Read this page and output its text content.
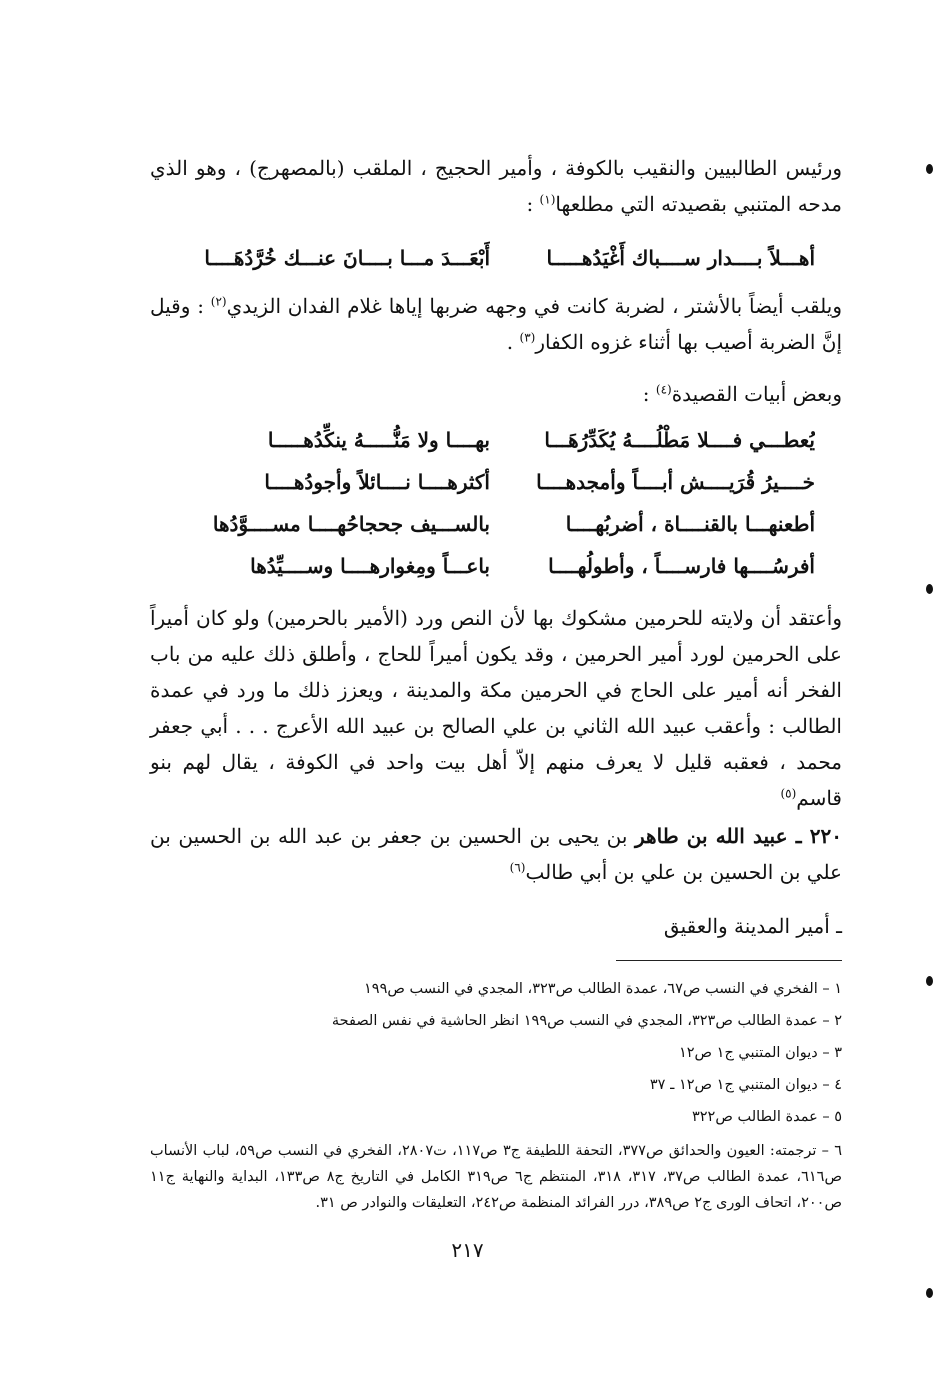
ورئيس الطالبيين والنقيب بالكوفة ، وأمير الحجيج ، الملقب (بالمصهرج) ، وهو الذي مدحه المتنبي بقصيدته التي مطلعها$^{(١)}$ :
أهـــلاً بــــدار ســــباك أَغْيَدُهـــــا
أَبْعَـــدَ مـــا بــــانَ عنـــك خُرَّدُهَــــا
ويلقب أيضاً بالأشتر ، لضربة كانت في وجهه ضربها إياها غلام الفدان الزيدي$^{(٢)}$ : وقيل إنَّ الضربة أصيب بها أثناء غزوه الكفار$^{(٣)}$ .
وبعض أبيات القصيدة$^{(٤)}$ :
يُعطـــي فــــلا مَطْلُــــهُ يُكَدِّرُهَـــا
بهــــا ولا مَنُّـــــهُ ينكِّدُهـــــا
خــــيرُ قُرَيــــش أبــــاً وأمجدهــــا
أكثرهــــا نــــائلاً وأجودُهــــا
أطعنهـــا بالقنــــاة ، أضربُهــــا
بالســـيف جحجاحُهــــا مســــوَّدُها
أفرسُــــها فارســــاً ، وأطولُهــــا
باعـــاً ومِغوارهــــا وســــيِّدُها
وأعتقد أن ولايته للحرمين مشكوك بها لأن النص ورد (الأمير بالحرمين) ولو كان أميراً على الحرمين لورد أمير الحرمين ، وقد يكون أميراً للحاج ، وأطلق ذلك عليه من باب الفخر أنه أمير على الحاج في الحرمين مكة والمدينة ، ويعزز ذلك ما ورد في عمدة الطالب : وأعقب عبيد الله الثاني بن علي الصالح بن عبيد الله الأعرج . . . أبي جعفر محمد ، فعقبه قليل لا يعرف منهم إلاّ أهل بيت واحد في الكوفة ، يقال لهم بنو قاسم$^{(٥)}$
٢٢٠ ـ عبيد الله بن طاهر بن يحيى بن الحسين بن جعفر بن عبد الله بن الحسين بن علي بن الحسين بن علي بن أبي طالب$^{(٦)}$
ـ أمير المدينة والعقيق
١ – الفخري في النسب ص٦٧، عمدة الطالب ص٣٢٣، المجدي في النسب ص١٩٩
٢ – عمدة الطالب ص٣٢٣، المجدي في النسب ص١٩٩ انظر الحاشية في نفس الصفحة
٣ – ديوان المتنبي ج١ ص١٢
٤ – ديوان المتنبي ج١ ص١٢ ـ ٣٧
٥ – عمدة الطالب ص٣٢٢
٦ – ترجمته: العيون والحدائق ص٣٧٧، التحفة اللطيفة ج٣ ص١١٧، ت٢٨٠٧، الفخري في النسب ص٥٩، لباب الأنساب ص٦١٦، عمدة الطالب ص٣٧، ٣١٧، ٣١٨، المنتظم ج٦ ص٣١٩ الكامل في التاريخ ج٨ ص١٣٣، البداية والنهاية ج١١ ص٢٠٠، اتحاف الورى ج٢ ص٣٨٩، درر الفرائد المنظمة ص٢٤٢، التعليقات والنوادر ص ٣١.
٢١٧
